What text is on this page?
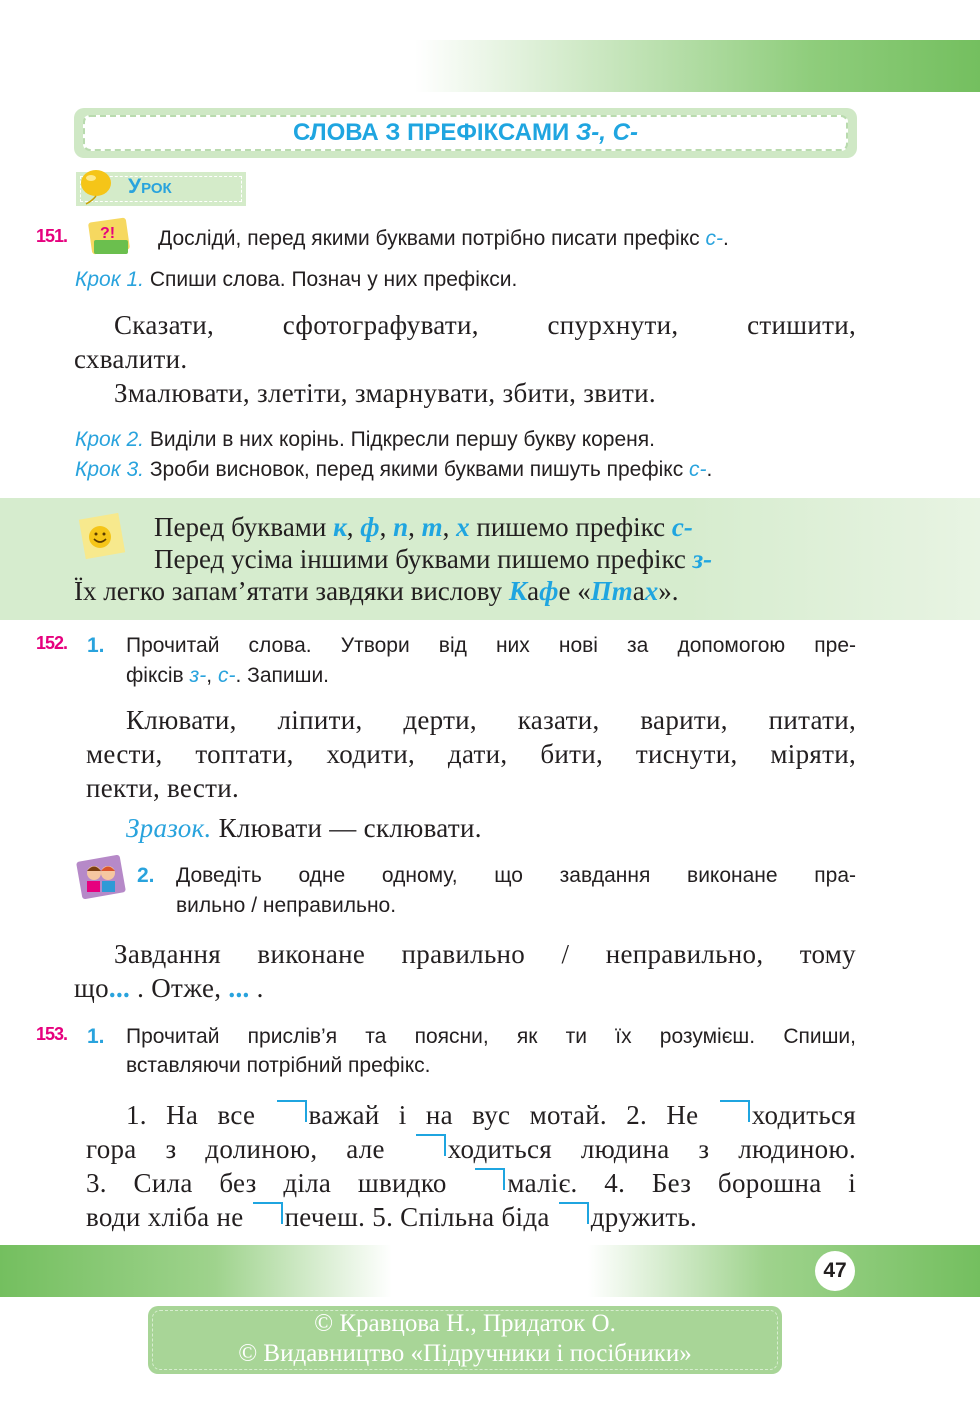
СЛОВА З ПРЕФІКСАМИ З-, С-
Урок
151. ?! Досліди́, перед якими буквами потрібно писати префікс с-.
Крок 1. Спиши слова. Познач у них префікси.
Сказати, сфотографувати, спурхнути, стишити,
схвалити.
Змалювати, злетіти, змарнувати, збити, звити.
Крок 2. Виділи в них корінь. Підкресли першу букву кореня.
Крок 3. Зроби висновок, перед якими буквами пишуть префікс с-.
Перед буквами к, ф, п, т, х пишемо префікс с-
Перед усіма іншими буквами пишемо префікс з-
Їх легко запам’ятати завдяки вислову Кафе «Птах».
152. 1. Прочитай слова. Утвори від них нові за допомогою пре-
фіксів з-, с-. Запиши.
Клювати, ліпити, дерти, казати, варити, питати,
мести, топтати, ходити, дати, бити, тиснути, міряти,
пекти, вести.
Зразок. Клювати — склювати.
2. Доведіть одне одному, що завдання виконане пра-
вильно / неправильно.
Завдання виконане правильно / неправильно, тому
що... . Отже, ... .
153. 1. Прочитай прислів’я та поясни, як ти їх розумієш. Спиши,
вставляючи потрібний префікс.
1. На все важай і на вус мотай. 2. Не ходиться
гора з долиною, але ходиться людина з людиною.
3. Сила без діла швидко маліє. 4. Без борошна і
води хліба не печеш. 5. Спільна біда дружить.
47
© Кравцова Н., Придаток О.
© Видавництво «Підручники і посібники»
